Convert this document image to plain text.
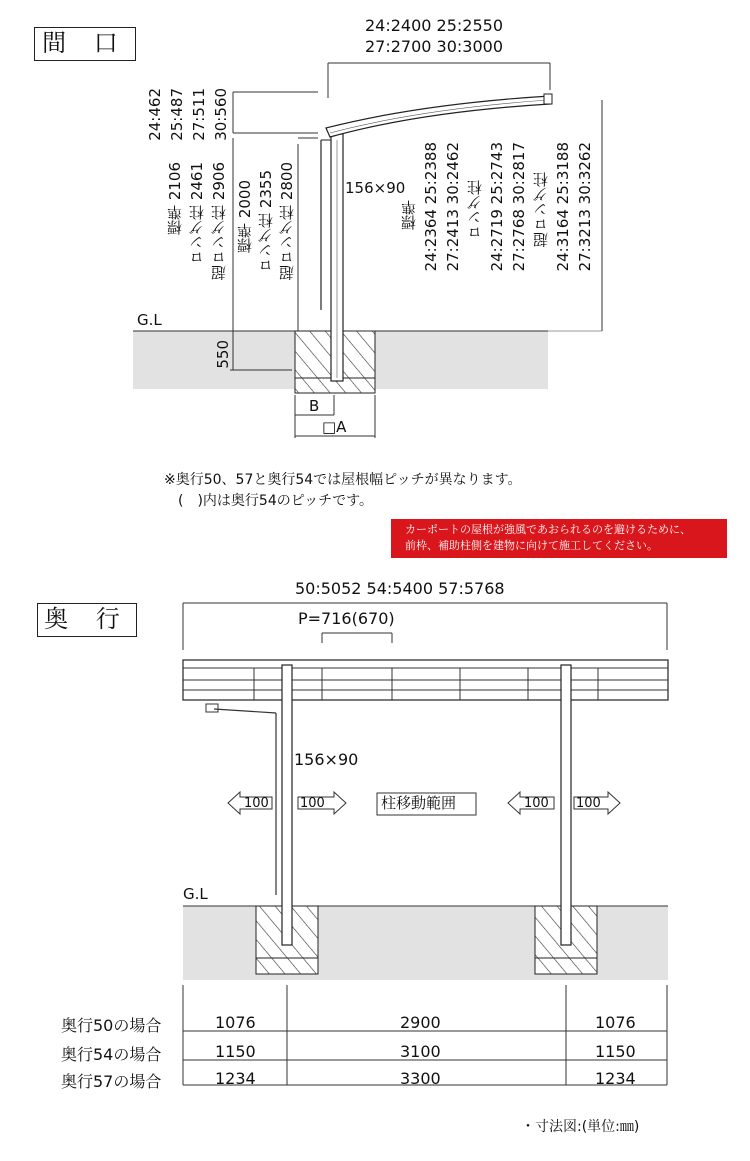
間 口
24:2400 25:2550
27:2700 30:3000
24:462 25:487 27:511 30:560
標準 2106 ロング柱 2461 超ロング柱 2906 標準 2000 ロング柱 2355 超ロング柱 2800	156×90
標準 24:2364 25:2388 27:2413 30:2462 ロング柱 24:2719 25:2743 27:2768 30:2817 超ロング柱 24:3164 25:3188 27:3213 30:3262
G.L
550
B
□A
※奥行50、57と奥行54では屋根幅ピッチが異なります。
(　)内は奥行54のピッチです。
カーポートの屋根が強風であおられるのを避けるために、
前枠、補助柱側を建物に向けて施工してください。
奥 行
50:5052 54:5400 57:5768
P=716(670)
156×90
100 100	100 100
柱移動範囲
G.L
奥行50の場合	1076	2900	1076
奥行54の場合	1150	3100	1150
奥行57の場合	1234	3300	1234
・寸法図:(単位:㎜)
